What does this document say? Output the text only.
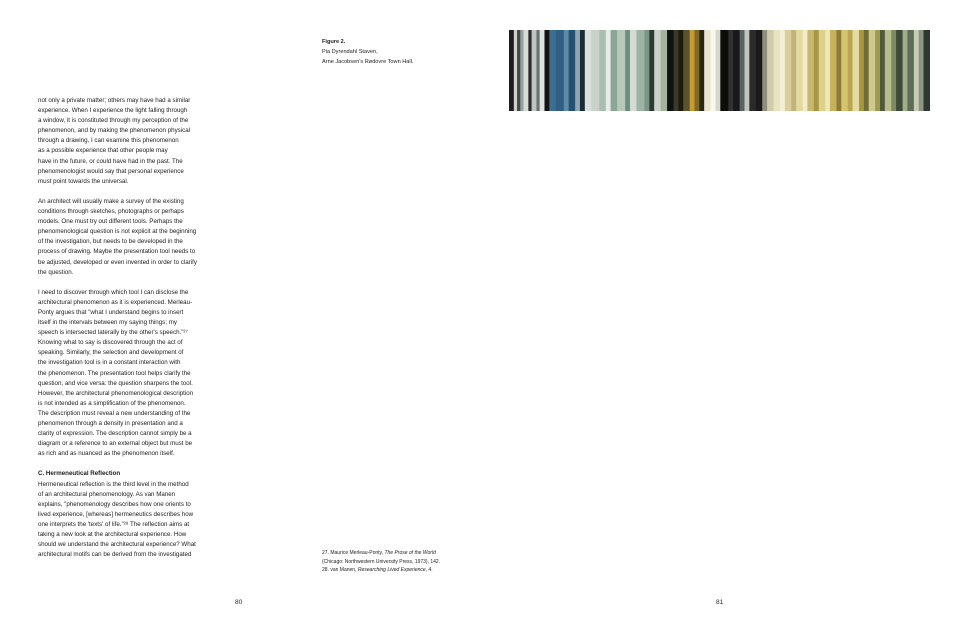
Figure 2.
Pia Dyrendahl Staven,
Arne Jacobsen's Rødovre Town Hall.
not only a private matter; others may have had a similar
experience. When I experience the light falling through
a window, it is constituted through my perception of the
phenomenon, and by making the phenomenon physical
through a drawing, I can examine this phenomenon
as a possible experience that other people may
have in the future, or could have had in the past. The
phenomenologist would say that personal experience
must point towards the universal.
An architect will usually make a survey of the existing
conditions through sketches, photographs or perhaps
models. One must try out different tools. Perhaps the
phenomenological question is not explicit at the beginning
of the investigation, but needs to be developed in the
process of drawing. Maybe the presentation tool needs to
be adjusted, developed or even invented in order to clarify
the question.
I need to discover through which tool I can disclose the
architectural phenomenon as it is experienced. Merleau-
Ponty argues that "what I understand begins to insert
itself in the intervals between my saying things; my
speech is intersected laterally by the other's speech."²⁷
Knowing what to say is discovered through the act of
speaking. Similarly, the selection and development of
the investigation tool is in a constant interaction with
the phenomenon. The presentation tool helps clarify the
question, and vice versa: the question sharpens the tool.
However, the architectural phenomenological description
is not intended as a simplification of the phenomenon.
The description must reveal a new understanding of the
phenomenon through a density in presentation and a
clarity of expression. The description cannot simply be a
diagram or a reference to an external object but must be
as rich and as nuanced as the phenomenon itself.
C. Hermeneutical Reflection
Hermeneutical reflection is the third level in the method
of an architectural phenomenology. As van Manen
explains, "phenomenology describes how one orients to
lived experience, [whereas] hermeneutics describes how
one interprets the 'texts' of life."²⁸ The reflection aims at
taking a new look at the architectural experience. How
should we understand the architectural experience? What
architectural motifs can be derived from the investigated	27. Maurice Merleau-Ponty, The Prose of the World
(Chicago: Northwestern University Press, 1973), 142.
28. van Manen, Researching Lived Experience, 4.
80	81
